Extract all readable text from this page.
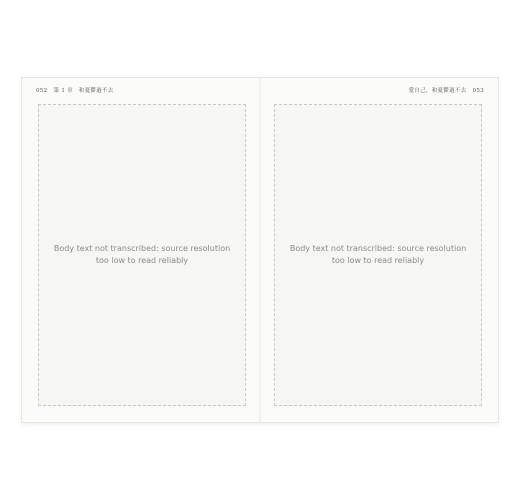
052 第 1 章　和憂鬱過不去
Body text not transcribed: source resolution too low to read reliably
愛自己，和憂鬱過不去 053
Body text not transcribed: source resolution too low to read reliably
